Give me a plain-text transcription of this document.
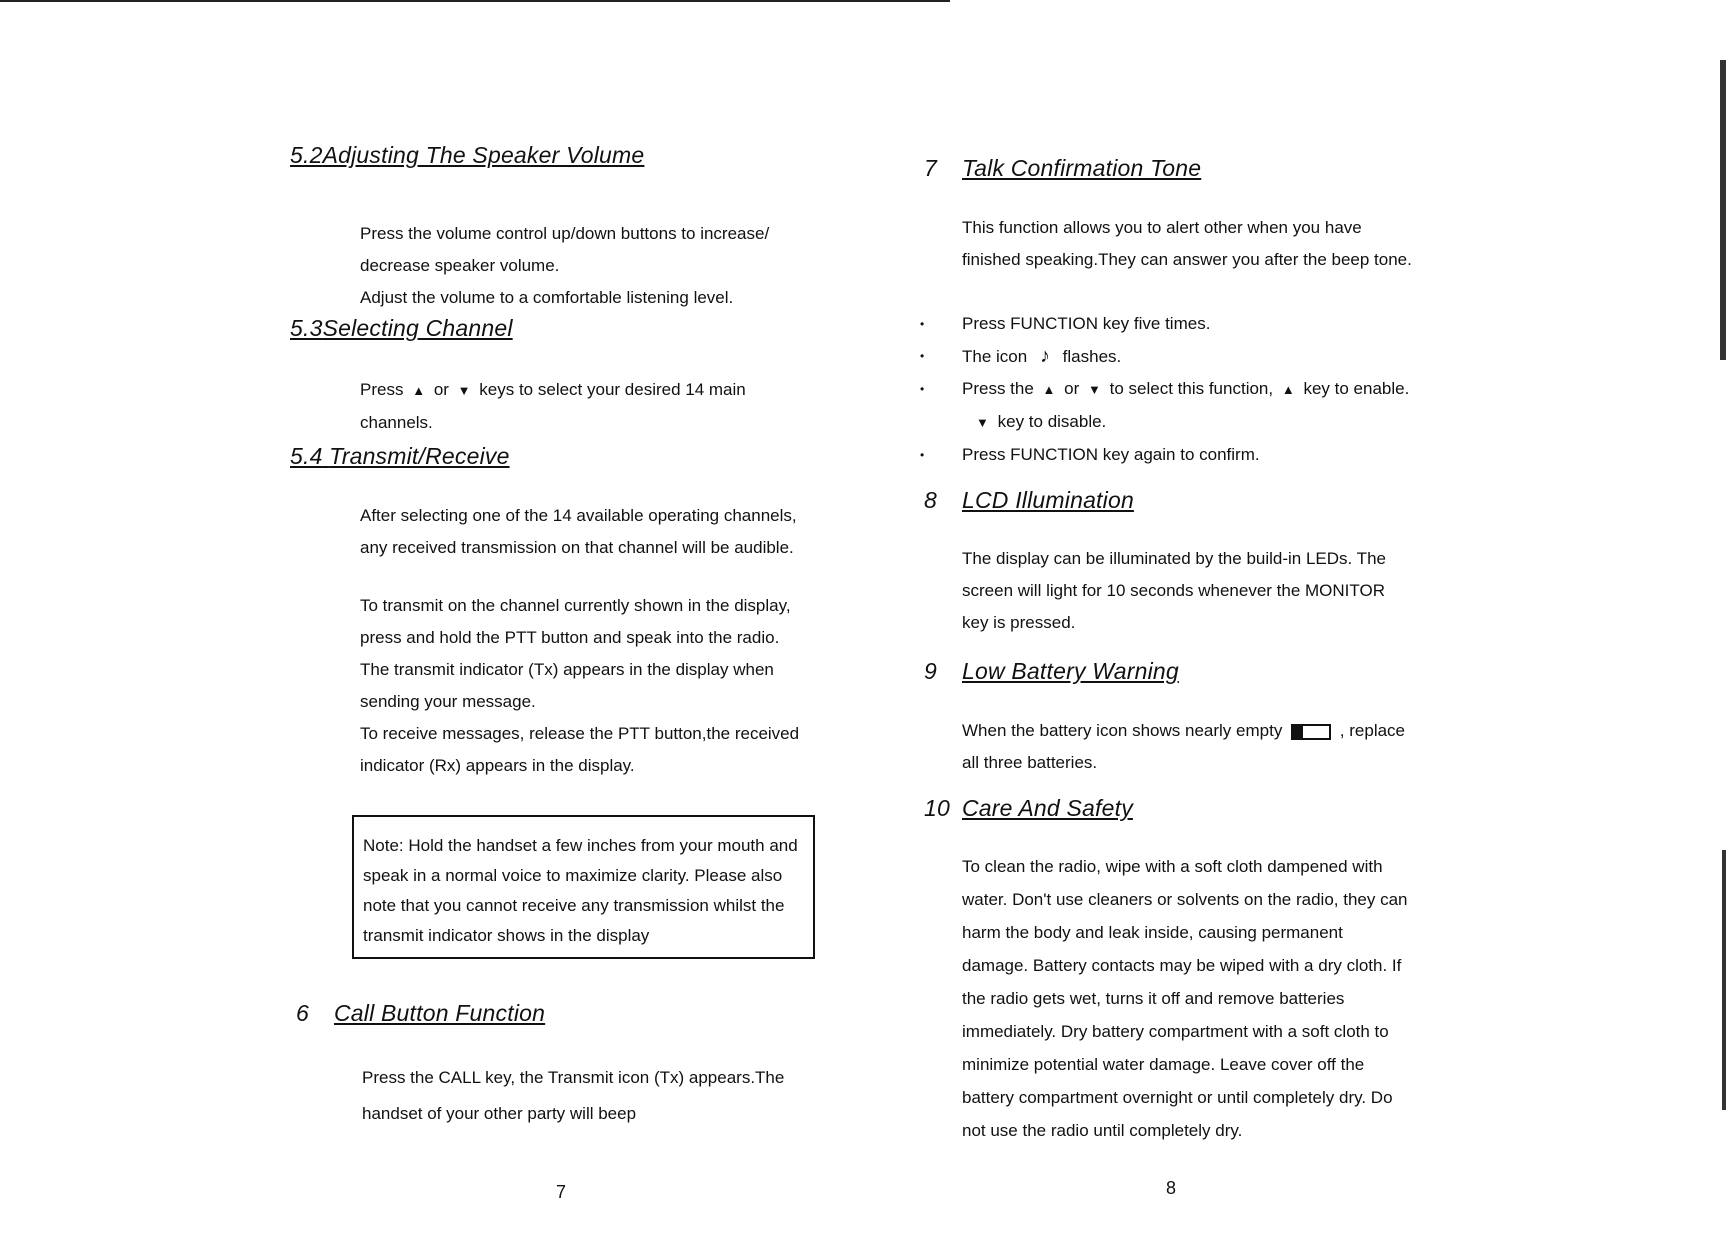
5.2Adjusting The Speaker Volume

Press the volume control up/down buttons to increase/ decrease speaker volume.

Adjust the volume to a comfortable listening level.

5.3Selecting Channel

Press ▲ or ▼ keys to select your desired 14 main channels.

5.4 Transmit/Receive

After selecting one of the 14 available operating channels, any received transmission on that channel will be audible.

To transmit on the channel currently shown in the display, press and hold the PTT button and speak into the radio. The transmit indicator (Tx) appears in the display when sending your message.

To receive messages, release the PTT button,the received indicator (Rx) appears in the display.

Note: Hold the handset a few inches from your mouth and speak in a normal voice to maximize clarity. Please also note that you cannot receive any transmission whilst the transmit indicator shows in the display
6 Call Button Function

Press the CALL key, the Transmit icon (Tx) appears.The handset of your other party will beep

7
7 Talk Confirmation Tone

This function allows you to alert other when you have finished speaking.They can answer you after the beep tone.

• Press FUNCTION key five times.
• The icon ♪ flashes.
• Press the ▲ or ▼ to select this function, ▲ key to enable.
▼ key to disable.
• Press FUNCTION key again to confirm.
8 LCD Illumination

The display can be illuminated by the build-in LEDs. The screen will light for 10 seconds whenever the MONITOR key is pressed.

9 Low Battery Warning

When the battery icon shows nearly empty	, replace all three batteries.

10 Care And Safety

To clean the radio, wipe with a soft cloth dampened with water. Don't use cleaners or solvents on the radio, they can harm the body and leak inside, causing permanent damage. Battery contacts may be wiped with a dry cloth. If the radio gets wet, turns it off and remove batteries immediately. Dry battery compartment with a soft cloth to minimize potential water damage. Leave cover off the battery compartment overnight or until completely dry. Do not use the radio until completely dry.

8
